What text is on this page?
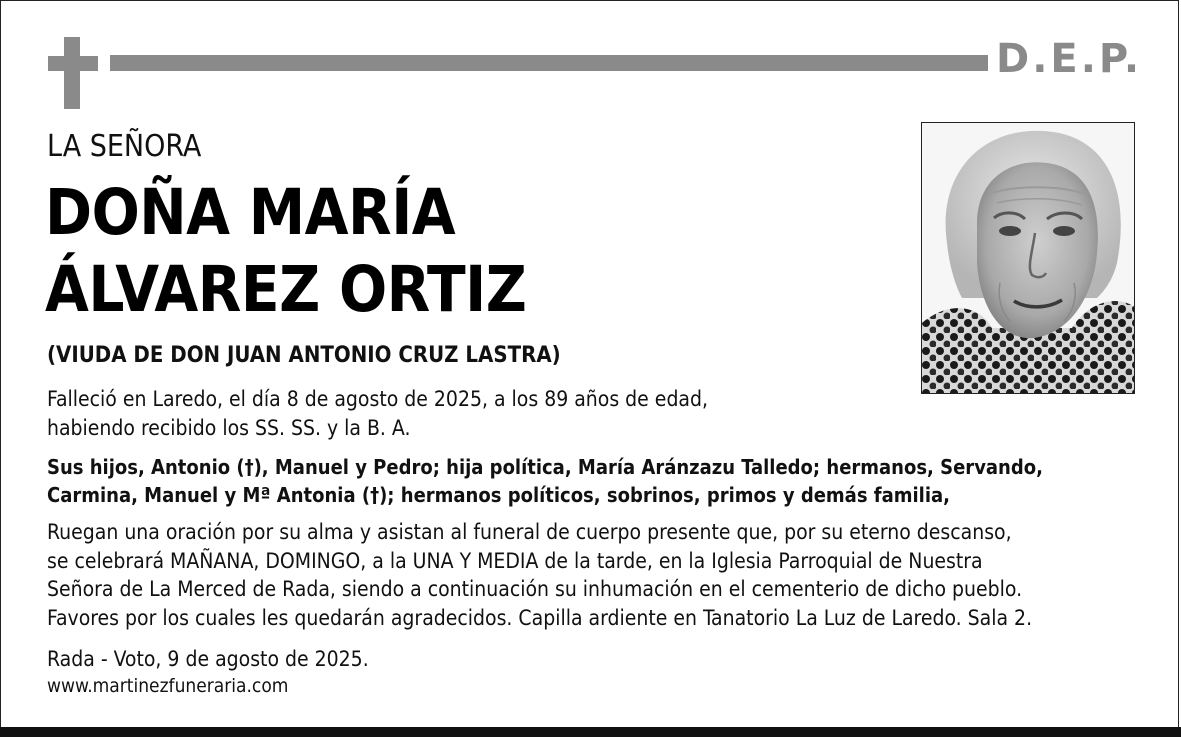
D.E.P.
LA SEÑORA
DOÑA MARÍA
ÁLVAREZ ORTIZ
(VIUDA DE DON JUAN ANTONIO CRUZ LASTRA)
Falleció en Laredo, el día 8 de agosto de 2025, a los 89 años de edad,
habiendo recibido los SS. SS. y la B. A.
Sus hijos, Antonio (†), Manuel y Pedro; hija política, María Aránzazu Talledo; hermanos, Servando,
Carmina, Manuel y Mª Antonia (†); hermanos políticos, sobrinos, primos y demás familia,
Ruegan una oración por su alma y asistan al funeral de cuerpo presente que, por su eterno descanso,
se celebrará MAÑANA, DOMINGO, a la UNA Y MEDIA de la tarde, en la Iglesia Parroquial de Nuestra
Señora de La Merced de Rada, siendo a continuación su inhumación en el cementerio de dicho pueblo.
Favores por los cuales les quedarán agradecidos. Capilla ardiente en Tanatorio La Luz de Laredo. Sala 2.
Rada - Voto, 9 de agosto de 2025.
www.martinezfuneraria.com
